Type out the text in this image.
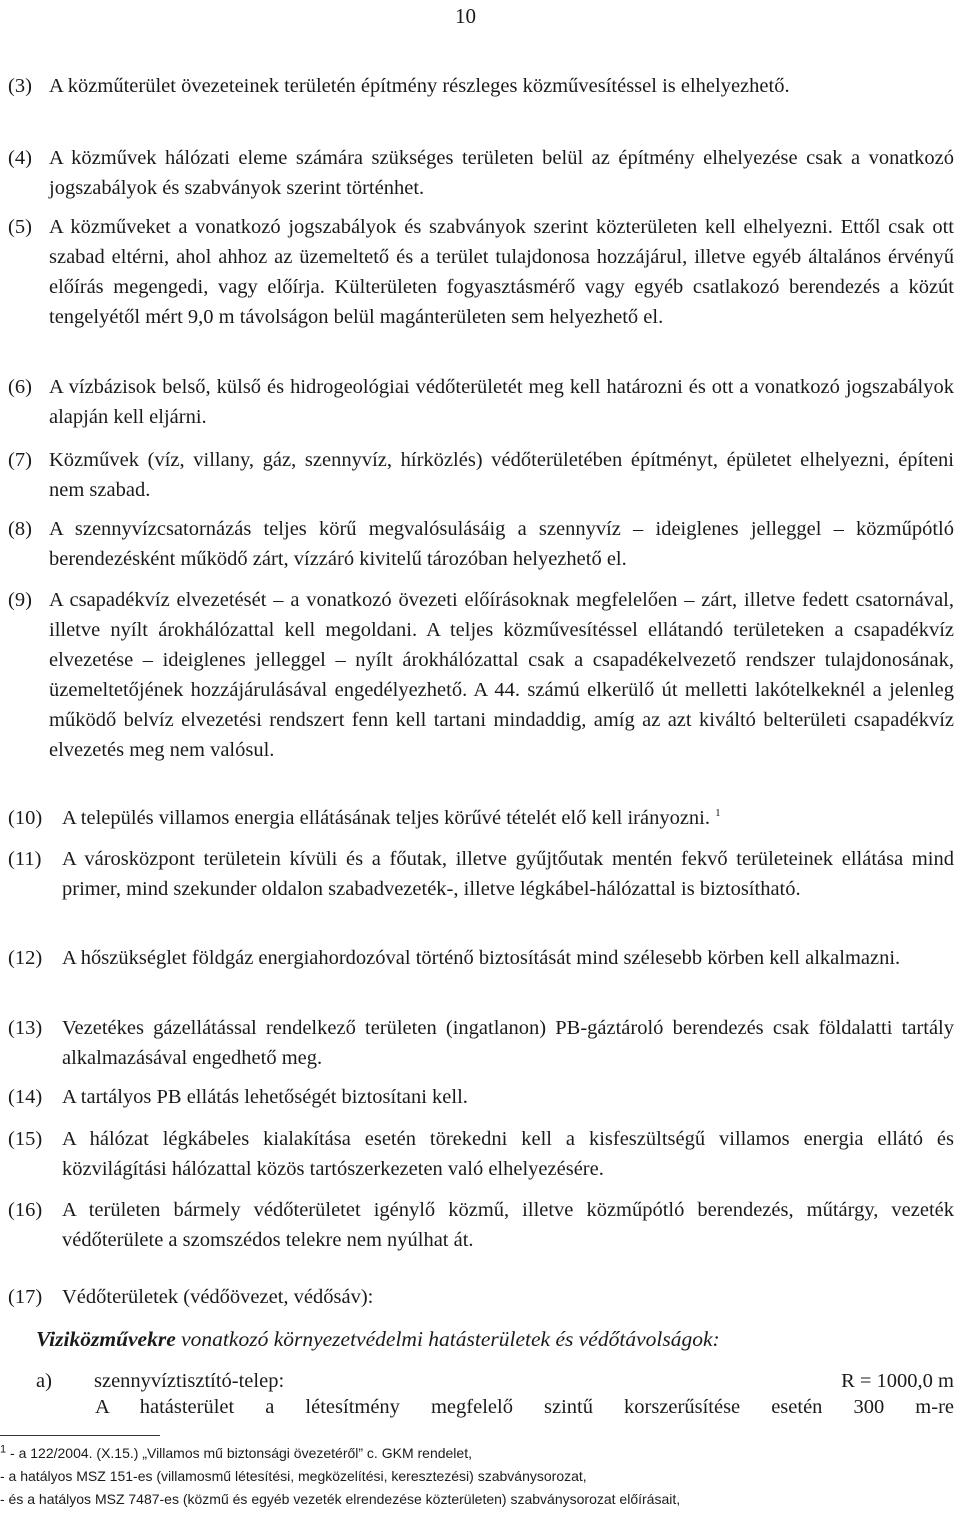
10
(3) A közműterület övezeteinek területén építmény részleges közművesítéssel is elhelyezhető.
(4) A közművek hálózati eleme számára szükséges területen belül az építmény elhelyezése csak a vonatkozó jogszabályok és szabványok szerint történhet.
(5) A közműveket a vonatkozó jogszabályok és szabványok szerint közterületen kell elhelyezni. Ettől csak ott szabad eltérni, ahol ahhoz az üzemeltető és a terület tulajdonosa hozzájárul, illetve egyéb általános érvényű előírás megengedi, vagy előírja. Külterületen fogyasztásmérő vagy egyéb csatlakozó berendezés a közút tengelyétől mért 9,0 m távolságon belül magánterületen sem helyezhető el.
(6) A vízbázisok belső, külső és hidrogeológiai védőterületét meg kell határozni és ott a vonatkozó jogszabályok alapján kell eljárni.
(7) Közművek (víz, villany, gáz, szennyvíz, hírközlés) védőterületében építményt, épületet elhelyezni, építeni nem szabad.
(8) A szennyvízcsatornázás teljes körű megvalósulásáig a szennyvíz – ideiglenes jelleggel – közműpótló berendezésként működő zárt, vízzáró kivitelű tározóban helyezhető el.
(9) A csapadékvíz elvezetését – a vonatkozó övezeti előírásoknak megfelelően – zárt, illetve fedett csatornával, illetve nyílt árokhálózattal kell megoldani. A teljes közművesítéssel ellátandó területeken a csapadékvíz elvezetése – ideiglenes jelleggel – nyílt árokhálózattal csak a csapadékelvezető rendszer tulajdonosának, üzemeltetőjének hozzájárulásával engedélyezhető. A 44. számú elkerülő út melletti lakótelkeknél a jelenleg működő belvíz elvezetési rendszert fenn kell tartani mindaddig, amíg az azt kiváltó belterületi csapadékvíz elvezetés meg nem valósul.
(10) A település villamos energia ellátásának teljes körűvé tételét elő kell irányozni. $^1$
(11)	A városközpont területein kívüli és a főutak, illetve gyűjtőutak mentén fekvő területeinek ellátása mind primer, mind szekunder oldalon szabadvezeték-, illetve légkábel-hálózattal is biztosítható.
(12) A hőszükséglet földgáz energiahordozóval történő biztosítását mind szélesebb körben kell alkalmazni.
(13) Vezetékes gázellátással rendelkező területen (ingatlanon) PB-gáztároló berendezés csak földalatti tartály alkalmazásával engedhető meg.
(14) A tartályos PB ellátás lehetőségét biztosítani kell.
(15) A hálózat légkábeles kialakítása esetén törekedni kell a kisfeszültségű villamos energia ellátó és közvilágítási hálózattal közös tartószerkezeten való elhelyezésére.
(16) A területen bármely védőterületet igénylő közmű, illetve közműpótló berendezés, műtárgy, vezeték védőterülete a szomszédos telekre nem nyúlhat át.
(17) Védőterületek (védőövezet, védősáv):
Viziközművekre vonatkozó környezetvédelmi hatásterületek és védőtávolságok:
a) szennyvíztisztító-telep:	R = 1000,0 m
A hatásterület a létesítmény megfelelő szintű korszerűsítése esetén 300 m-re
$^1$ - a 122/2004. (X.15.) „Villamos mű biztonsági övezetéről” c. GKM rendelet,
- a hatályos MSZ 151-es (villamosmű létesítési, megközelítési, keresztezési) szabványsorozat,
- és a hatályos MSZ 7487-es (közmű és egyéb vezeték elrendezése közterületen) szabványsorozat előírásait,
